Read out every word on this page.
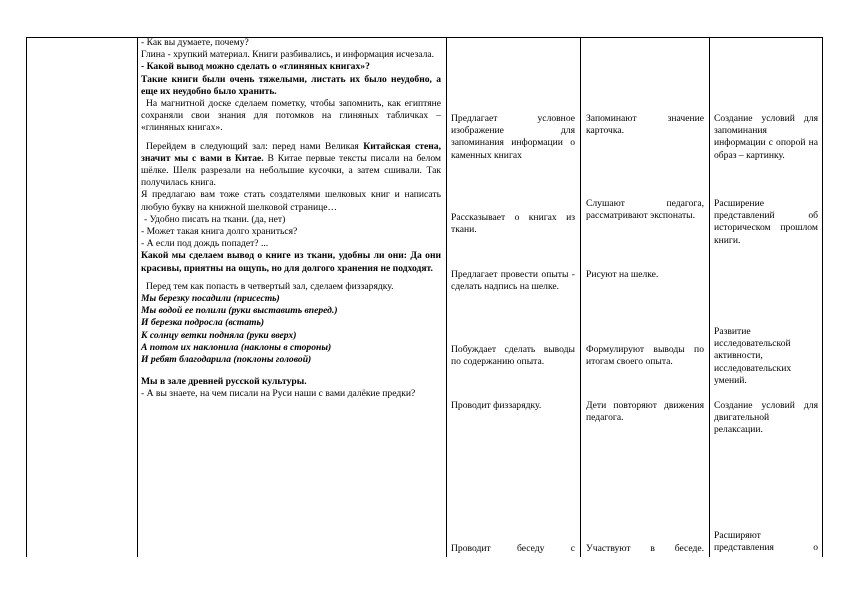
- Как вы думаете, почему?

Глина - хрупкий материал. Книги разбивались, и информация исчезала.

- Какой вывод можно сделать о «глиняных книгах»?

Такие книги были очень тяжелыми, листать их было неудобно, а еще их неудобно было хранить.

На магнитной доске сделаем пометку, чтобы запомнить, как египтяне сохраняли свои знания для потомков на глиняных табличках – «глиняных книгах».

Перейдем в следующий зал: перед нами Великая Китайская стена, значит мы с вами в Китае. В Китае первые тексты писали на белом шёлке. Шелк разрезали на небольшие кусочки, а затем сшивали. Так получилась книга.

Я предлагаю вам тоже стать создателями шелковых книг и написать любую букву на книжной шелковой странице…

- Удобно писать на ткани. (да, нет)

- Может такая книга долго храниться?

- А если под дождь попадет? ...

Какой мы сделаем вывод о книге из ткани, удобны ли они: Да они красивы, приятны на ощупь, но для долгого хранения не подходят.

Перед тем как попасть в четвертый зал, сделаем физзарядку.

Мы березку посадили (присесть)

Мы водой ее полили (руки выставить вперед.)

И березка подросла (встать)

К солнцу ветки подняла (руки вверх)

А потом их наклонила (наклоны в стороны)

И ребят благодарила (поклоны головой)

Мы в зале древней русской культуры.

- А вы знаете, на чем писали на Руси наши с вами далёкие предки?

Предлагает условное изображение для запоминания информации о каменных книгах
Рассказывает о книгах из ткани.
Предлагает провести опыты - сделать надпись на шелке.
Побуждает сделать выводы по содержанию опыта.
Проводит физзарядку.
Проводит беседу с
Запоминают значение карточка.
Слушают педагога, рассматривают экспонаты.
Рисуют на шелке.
Формулируют выводы по итогам своего опыта.
Дети повторяют движения педагога.
Участвуют в беседе.
Создание условий для запоминания информации с опорой на образ – картинку.
Расширение представлений об историческом прошлом книги.
Развитие исследовательской активности, исследовательских умений.
Создание условий для двигательной релаксации.
Расширяют представления о
